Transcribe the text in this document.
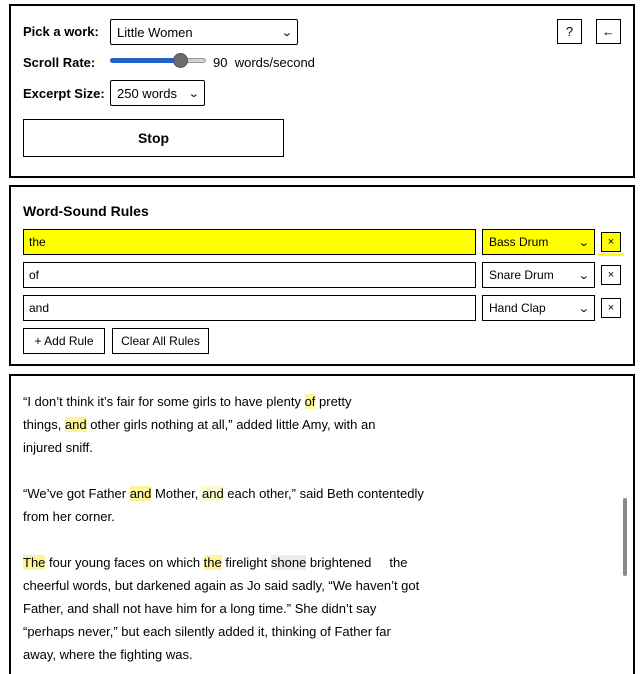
Pick a work: Little Women	⌄	?	←
Scroll Rate:	90 words/second
Excerpt Size: 250 words ⌄
Stop
Word-Sound Rules
the	Bass Drum	⌄	×
of	Snare Drum ⌄	×
and	Hand Clap	⌄	×
+ Add Rule	Clear All Rules

“I don’t think it’s fair for some girls to have plenty of pretty
things, and other girls nothing at all,” added little Amy, with an
injured sniff.

“We’ve got Father and Mother, and each other,” said Beth contentedly
from her corner.

The four young faces on which the firelight shone brightened     the
cheerful words, but darkened again as Jo said sadly, “We haven’t got
Father, and shall not have him for a long time.” She didn’t say
“perhaps never,” but each silently added it, thinking of Father far
away, where the fighting was.
